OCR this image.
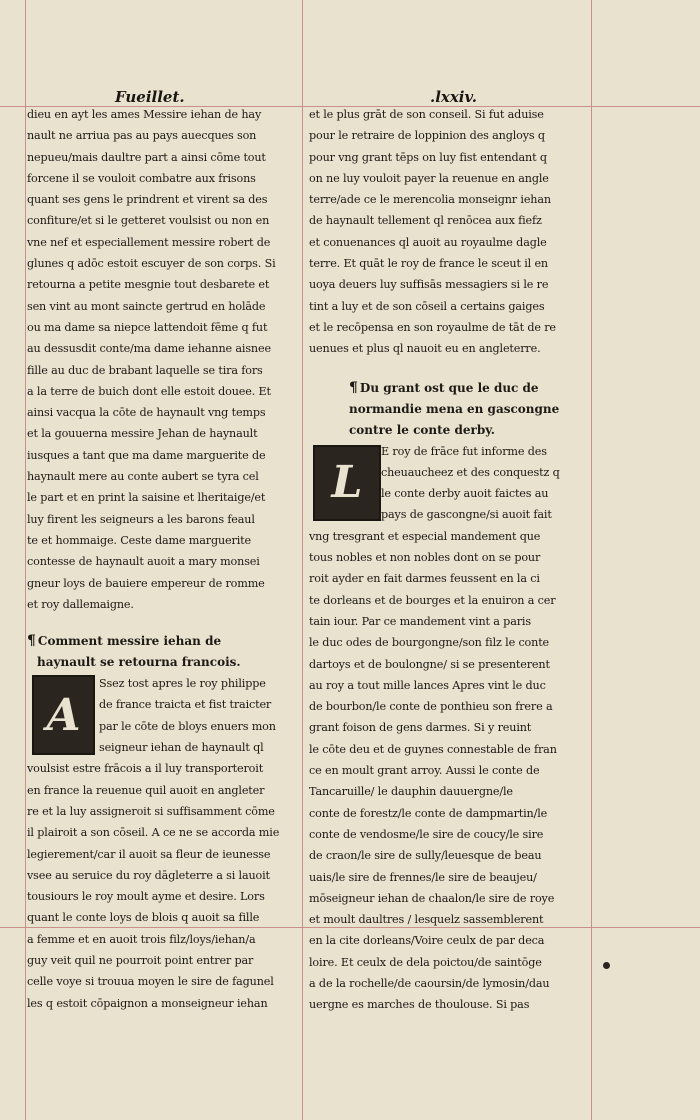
Fueillet.	.lxxiv.
dieu en ayt les ames Messire iehan de hay
nault ne arriua pas au pays auecques son
nepueu/mais daultre part a ainsi cōme tout
forcene il se vouloit combatre aux frisons
quant ses gens le prindrent et virent sa des
confiture/et si le getteret voulsist ou non en
vne nef et especiallement messire robert de
glunes q adōc estoit escuyer de son corps. Si
retourna a petite mesgnie tout desbarete et
sen vint au mont saincte gertrud en holāde
ou ma dame sa niepce lattendoit fēme q fut
au dessusdit conte/ma dame iehanne aisnee
fille au duc de brabant laquelle se tira fors
a la terre de buich dont elle estoit douee. Et
ainsi vacqua la cōte de haynault vng temps
et la gouuerna messire Jehan de haynault
iusques a tant que ma dame marguerite de
haynault mere au conte aubert se tyra cel
le part et en print la saisine et lheritaige/et
luy firent les seigneurs a les barons feaul
te et hommaige. Ceste dame marguerite
contesse de haynault auoit a mary monsei
gneur loys de bauiere empereur de romme
et roy dallemaigne.
¶ Comment messire iehan de
haynault se retourna francois.
A
Ssez tost apres le roy philippe
de france traicta et fist traicter
par le cōte de bloys enuers mon
seigneur iehan de haynault ql
voulsist estre frācois a il luy transporteroit
en france la reuenue quil auoit en angleter
re et la luy assigneroit si suffisamment cōme
il plairoit a son cōseil. A ce ne se accorda mie
legierement/car il auoit sa fleur de ieunesse
vsee au seruice du roy dāgleterre a si lauoit
tousiours le roy moult ayme et desire. Lors
quant le conte loys de blois q auoit sa fille
a femme et en auoit trois filz/loys/iehan/a
guy veit quil ne pourroit point entrer par
celle voye si trouua moyen le sire de fagunel
les q estoit cōpaignon a monseigneur iehan
et le plus grāt de son conseil. Si fut aduise
pour le retraire de loppinion des angloys q
pour vng grant tēps on luy fist entendant q
on ne luy vouloit payer la reuenue en angle
terre/ade ce le merencolia monseignr iehan
de haynault tellement ql renōcea aux fiefz
et conuenances ql auoit au royaulme dagle
terre. Et quāt le roy de france le sceut il en
uoya deuers luy suffisās messagiers si le re
tint a luy et de son cōseil a certains gaiges
et le recōpensa en son royaulme de tāt de re
uenues et plus ql nauoit eu en angleterre.
¶ Du grant ost que le duc de
normandie mena en gascongne
contre le conte derby.
L
E roy de frāce fut informe des
cheuaucheez et des conquestz q
le conte derby auoit faictes au
pays de gascongne/si auoit fait
vng tresgrant et especial mandement que
tous nobles et non nobles dont on se pour
roit ayder en fait darmes feussent en la ci
te dorleans et de bourges et la enuiron a cer
tain iour. Par ce mandement vint a paris
le duc odes de bourgongne/son filz le conte
dartoys et de boulongne/ si se presenterent
au roy a tout mille lances Apres vint le duc
de bourbon/le conte de ponthieu son frere a
grant foison de gens darmes. Si y reuint
le cōte deu et de guynes connestable de fran
ce en moult grant arroy. Aussi le conte de
Tancaruille/ le dauphin dauuergne/le
conte de forestz/le conte de dampmartin/le
conte de vendosme/le sire de coucy/le sire
de craon/le sire de sully/leuesque de beau
uais/le sire de frennes/le sire de beaujeu/
mōseigneur iehan de chaalon/le sire de roye
et moult daultres / lesquelz sassemblerent
en la cite dorleans/Voire ceulx de par deca
loire. Et ceulx de dela poictou/de saintōge
a de la rochelle/de caoursin/de lymosin/dau
uergne es marches de thoulouse. Si pas
